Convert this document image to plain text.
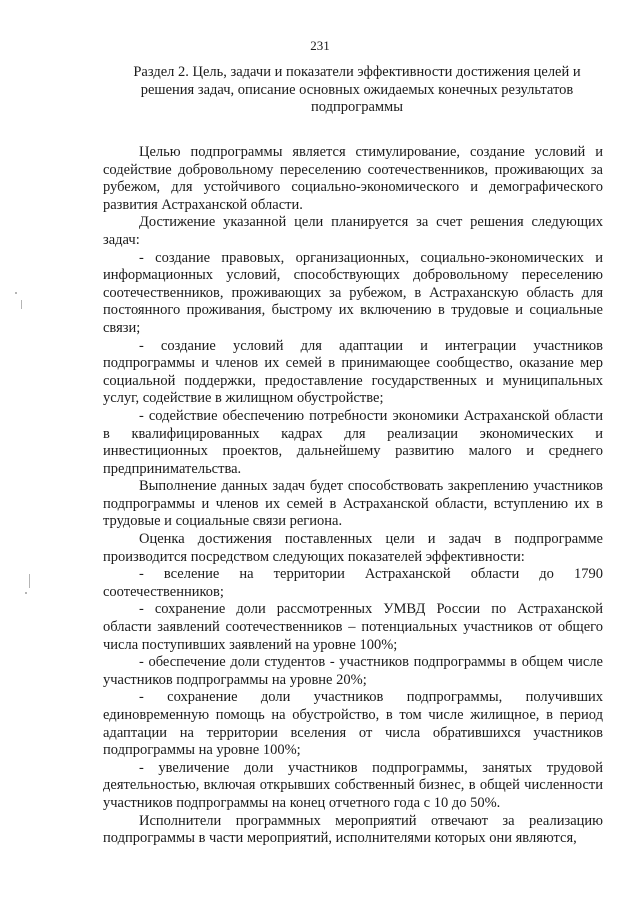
231
Раздел 2. Цель, задачи и показатели эффективности достижения целей и решения задач, описание основных ожидаемых конечных результатов подпрограммы

Целью подпрограммы является стимулирование, создание условий и содействие добровольному переселению соотечественников, проживающих за рубежом, для устойчивого социально-экономического и демографического развития Астраханской области.

Достижение указанной цели планируется за счет решения следующих задач:

- создание правовых, организационных, социально-экономических и информационных условий, способствующих добровольному переселению соотечественников, проживающих за рубежом, в Астраханскую область для постоянного проживания, быстрому их включению в трудовые и социальные связи;

- создание условий для адаптации и интеграции участников подпрограммы и членов их семей в принимающее сообщество, оказание мер социальной поддержки, предоставление государственных и муниципальных услуг, содействие в жилищном обустройстве;

- содействие обеспечению потребности экономики Астраханской области в квалифицированных кадрах для реализации экономических и инвестиционных проектов, дальнейшему развитию малого и среднего предпринимательства.

Выполнение данных задач будет способствовать закреплению участников подпрограммы и членов их семей в Астраханской области, вступлению их в трудовые и социальные связи региона.

Оценка достижения поставленных цели и задач в подпрограмме производится посредством следующих показателей эффективности:

- вселение на территории Астраханской области до 1790 соотечественников;

- сохранение доли рассмотренных УМВД России по Астраханской области заявлений соотечественников – потенциальных участников от общего числа поступивших заявлений на уровне 100%;

- обеспечение доли студентов - участников подпрограммы в общем числе участников подпрограммы на уровне 20%;

- сохранение доли участников подпрограммы, получивших единовременную помощь на обустройство, в том числе жилищное, в период адаптации на территории вселения от числа обратившихся участников подпрограммы на уровне 100%;

- увеличение доли участников подпрограммы, занятых трудовой деятельностью, включая открывших собственный бизнес, в общей численности участников подпрограммы на конец отчетного года с 10 до 50%.

Исполнители программных мероприятий отвечают за реализацию подпрограммы в части мероприятий, исполнителями которых они являются,
